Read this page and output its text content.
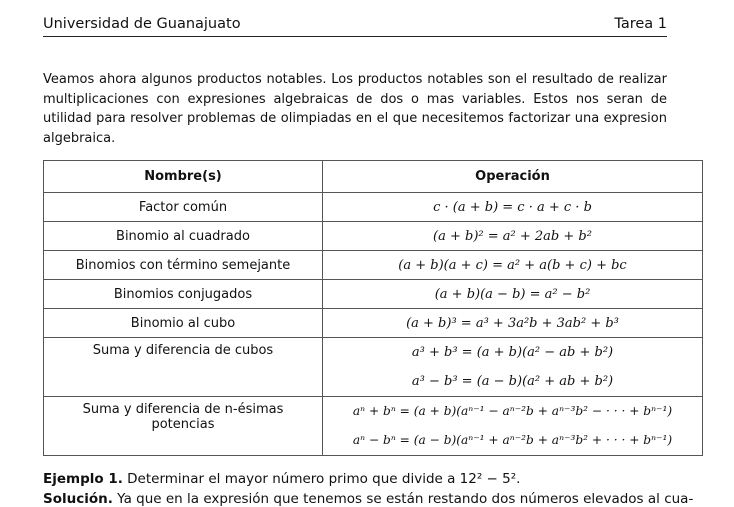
Universidad de Guanajuato	Tarea 1

Veamos ahora algunos productos notables. Los productos notables son el resultado de realizar multiplicaciones con expresiones algebraicas de dos o mas variables. Estos nos seran de utilidad para resolver problemas de olimpiadas en el que necesitemos factorizar una expresion algebraica.

Nombre(s)	Operación
Factor común	c · (a + b) = c · a + c · b
Binomio al cuadrado	(a + b)² = a² + 2ab + b²
Binomios con término semejante	(a + b)(a + c) = a² + a(b + c) + bc
Binomios conjugados	(a + b)(a − b) = a² − b²
Binomio al cubo	(a + b)³ = a³ + 3a²b + 3ab² + b³
Suma y diferencia de cubos	a³ + b³ = (a + b)(a² − ab + b²)
a³ − b³ = (a − b)(a² + ab + b²)

Suma y diferencia de n-ésimas potencias	aⁿ + bⁿ = (a + b)(aⁿ⁻¹ − aⁿ⁻²b + aⁿ⁻³b² − · · · + bⁿ⁻¹)
aⁿ − bⁿ = (a − b)(aⁿ⁻¹ + aⁿ⁻²b + aⁿ⁻³b² + · · · + bⁿ⁻¹)

Ejemplo 1. Determinar el mayor número primo que divide a 12² − 5².

Solución. Ya que en la expresión que tenemos se están restando dos números elevados al cua-
